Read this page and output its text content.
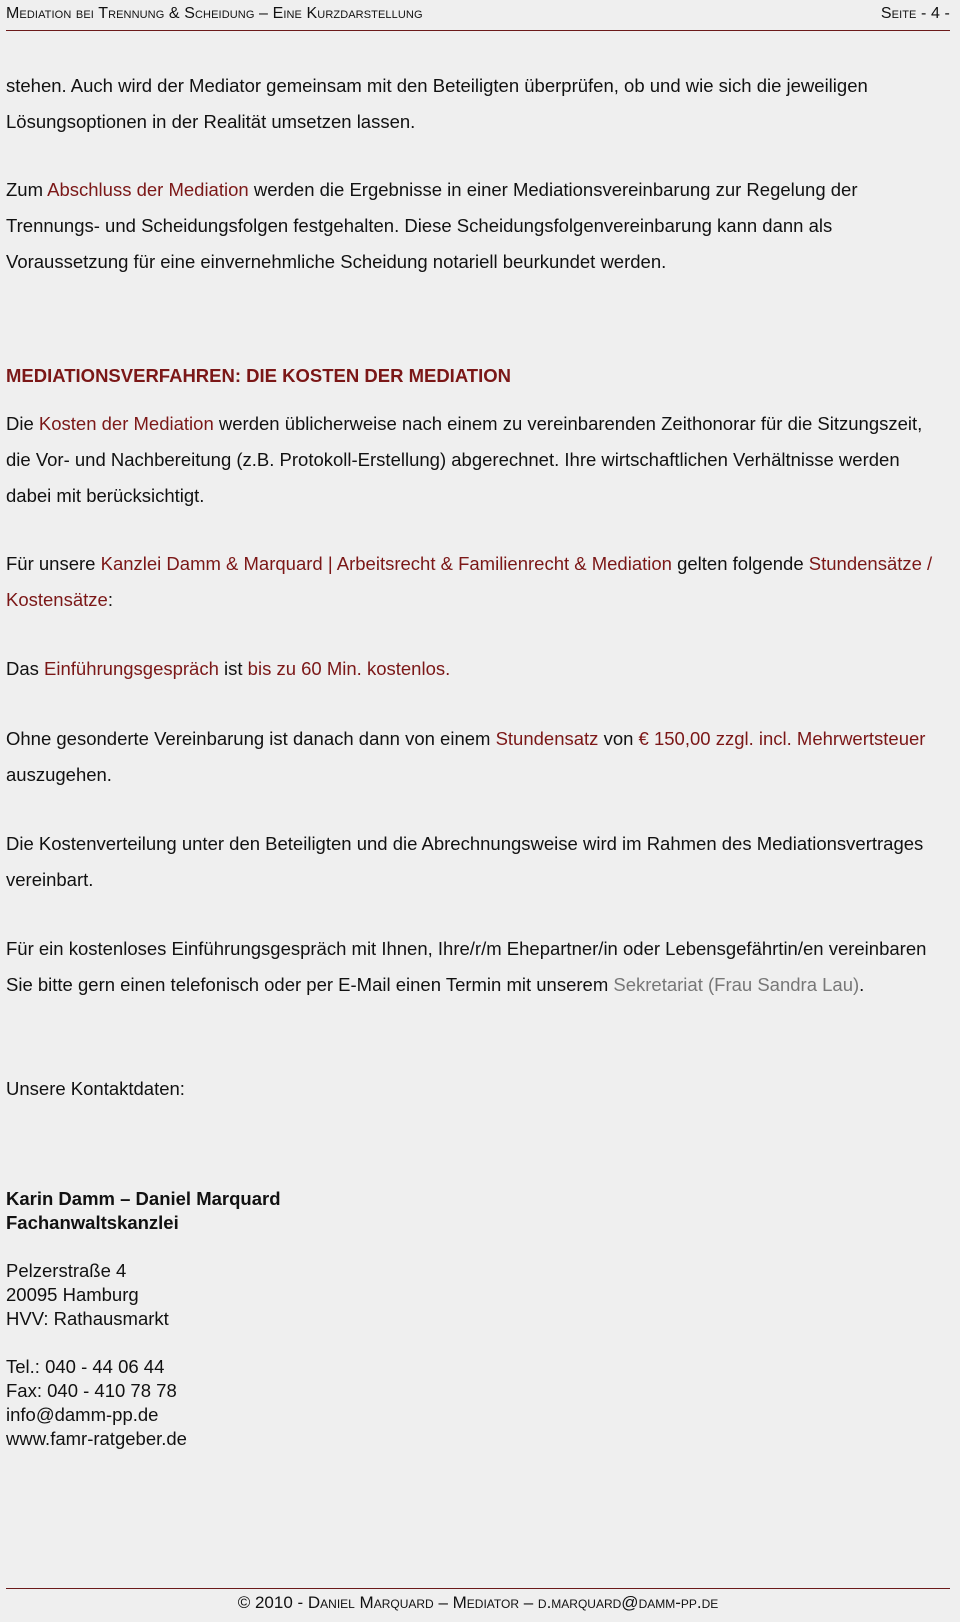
Mediation bei Trennung & Scheidung – Eine Kurzdarstellung	Seite - 4 -

stehen. Auch wird der Mediator gemeinsam mit den Beteiligten überprüfen, ob und wie sich die jeweiligen Lösungsoptionen in der Realität umsetzen lassen.

Zum Abschluss der Mediation werden die Ergebnisse in einer Mediationsvereinbarung zur Regelung der Trennungs- und Scheidungsfolgen festgehalten. Diese Scheidungsfolgenvereinbarung kann dann als Voraussetzung für eine einvernehmliche Scheidung notariell beurkundet werden.

MEDIATIONSVERFAHREN: DIE KOSTEN DER MEDIATION

Die Kosten der Mediation werden üblicherweise nach einem zu vereinbarenden Zeithonorar für die Sitzungszeit, die Vor- und Nachbereitung (z.B. Protokoll-Erstellung) abgerechnet. Ihre wirtschaftlichen Verhältnisse werden dabei mit berücksichtigt.

Für unsere Kanzlei Damm & Marquard | Arbeitsrecht & Familienrecht & Mediation gelten folgende Stundensätze / Kostensätze:

Das Einführungsgespräch ist bis zu 60 Min. kostenlos.

Ohne gesonderte Vereinbarung ist danach dann von einem Stundensatz von € 150,00 zzgl. incl. Mehrwertsteuer auszugehen.

Die Kostenverteilung unter den Beteiligten und die Abrechnungsweise wird im Rahmen des Mediationsvertrages vereinbart.

Für ein kostenloses Einführungsgespräch mit Ihnen, Ihre/r/m Ehepartner/in oder Lebensgefährtin/en vereinbaren Sie bitte gern einen telefonisch oder per E-Mail einen Termin mit unserem Sekretariat (Frau Sandra Lau).

Unsere Kontaktdaten:

Karin Damm – Daniel Marquard

Fachanwaltskanzlei

Pelzerstraße 4

20095 Hamburg

HVV: Rathausmarkt

Tel.: 040 - 44 06 44

Fax: 040 - 410 78 78

info@damm-pp.de

www.famr-ratgeber.de

© 2010 - Daniel Marquard – Mediator – d.marquard@damm-pp.de
